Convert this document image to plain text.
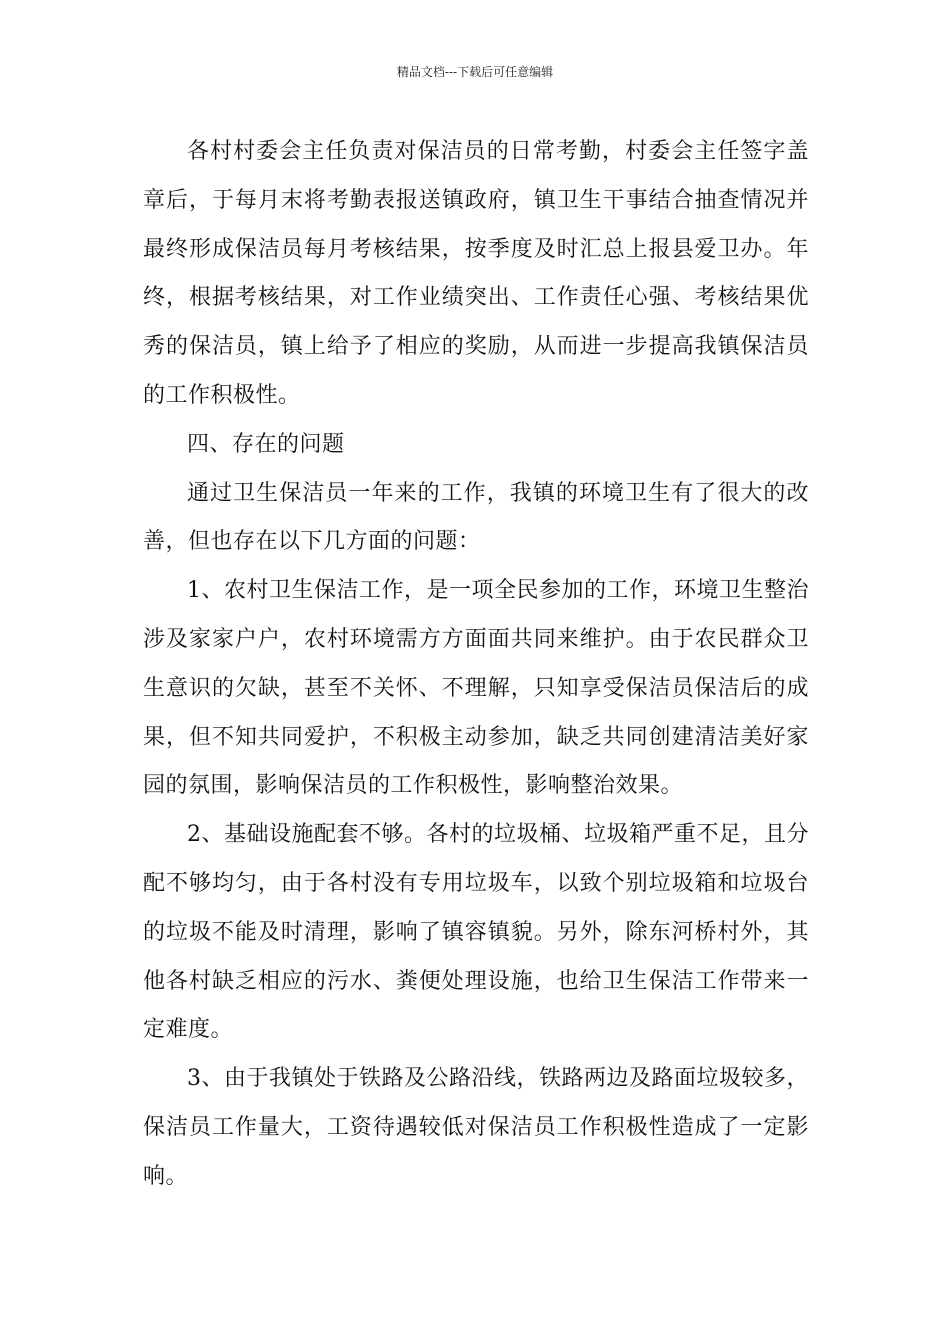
精品文档---下载后可任意编辑

各村村委会主任负责对保洁员的日常考勤，村委会主任签字盖章后，于每月末将考勤表报送镇政府，镇卫生干事结合抽查情况并最终形成保洁员每月考核结果，按季度及时汇总上报县爱卫办。年终，根据考核结果，对工作业绩突出、工作责任心强、考核结果优秀的保洁员，镇上给予了相应的奖励，从而进一步提高我镇保洁员的工作积极性。

四、存在的问题

通过卫生保洁员一年来的工作，我镇的环境卫生有了很大的改善，但也存在以下几方面的问题：

1、农村卫生保洁工作，是一项全民参加的工作，环境卫生整治涉及家家户户，农村环境需方方面面共同来维护。由于农民群众卫生意识的欠缺，甚至不关怀、不理解，只知享受保洁员保洁后的成果，但不知共同爱护，不积极主动参加，缺乏共同创建清洁美好家园的氛围，影响保洁员的工作积极性，影响整治效果。

2、基础设施配套不够。各村的垃圾桶、垃圾箱严重不足，且分配不够均匀，由于各村没有专用垃圾车，以致个别垃圾箱和垃圾台的垃圾不能及时清理，影响了镇容镇貌。另外，除东河桥村外，其他各村缺乏相应的污水、粪便处理设施，也给卫生保洁工作带来一定难度。

3、由于我镇处于铁路及公路沿线，铁路两边及路面垃圾较多，保洁员工作量大，工资待遇较低对保洁员工作积极性造成了一定影响。
